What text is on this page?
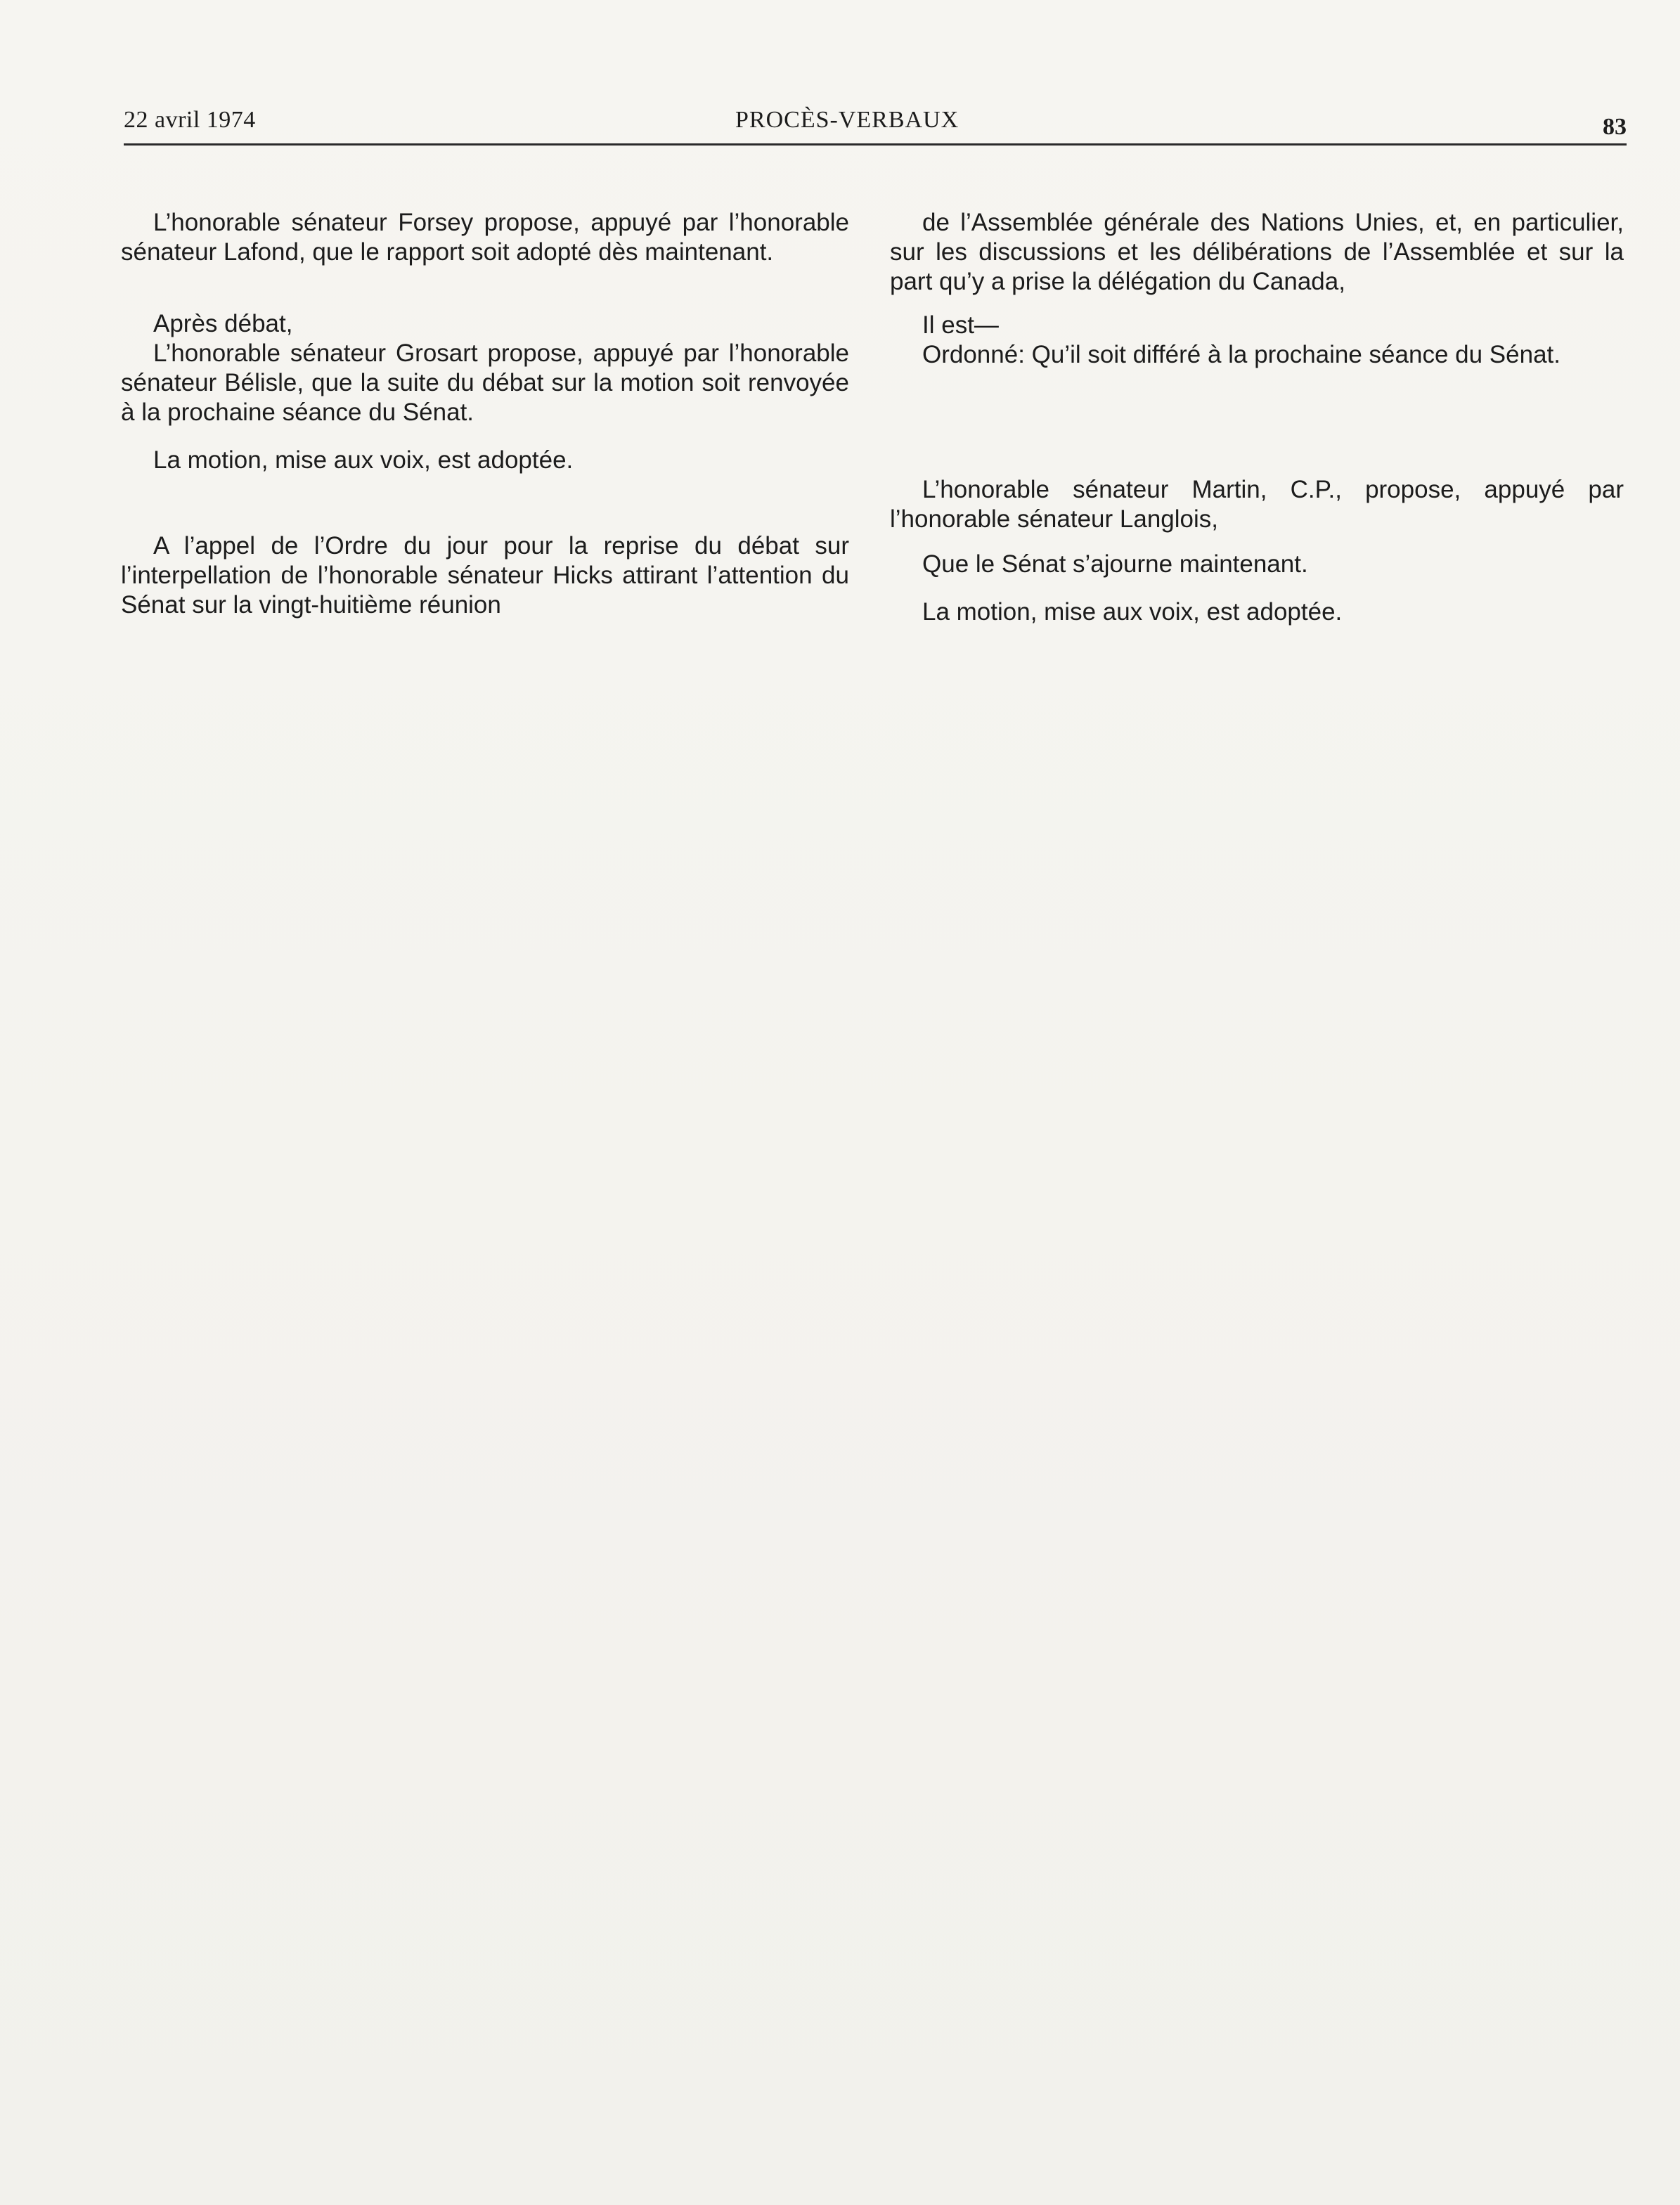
22 avril 1974	PROCÈS-VERBAUX	83

L’honorable sénateur Forsey propose, appuyé par l’honorable sénateur Lafond, que le rapport soit adopté dès maintenant.

Après débat,

L’honorable sénateur Grosart propose, appuyé par l’honorable sénateur Bélisle, que la suite du débat sur la motion soit renvoyée à la prochaine séance du Sénat.

La motion, mise aux voix, est adoptée.

A l’appel de l’Ordre du jour pour la reprise du débat sur l’interpellation de l’honorable sénateur Hicks attirant l’attention du Sénat sur la vingt-huitième réunion

de l’Assemblée générale des Nations Unies, et, en particulier, sur les discussions et les délibérations de l’Assemblée et sur la part qu’y a prise la délégation du Canada,

Il est—

Ordonné: Qu’il soit différé à la prochaine séance du Sénat.

L’honorable sénateur Martin, C.P., propose, appuyé par l’honorable sénateur Langlois,

Que le Sénat s’ajourne maintenant.

La motion, mise aux voix, est adoptée.
